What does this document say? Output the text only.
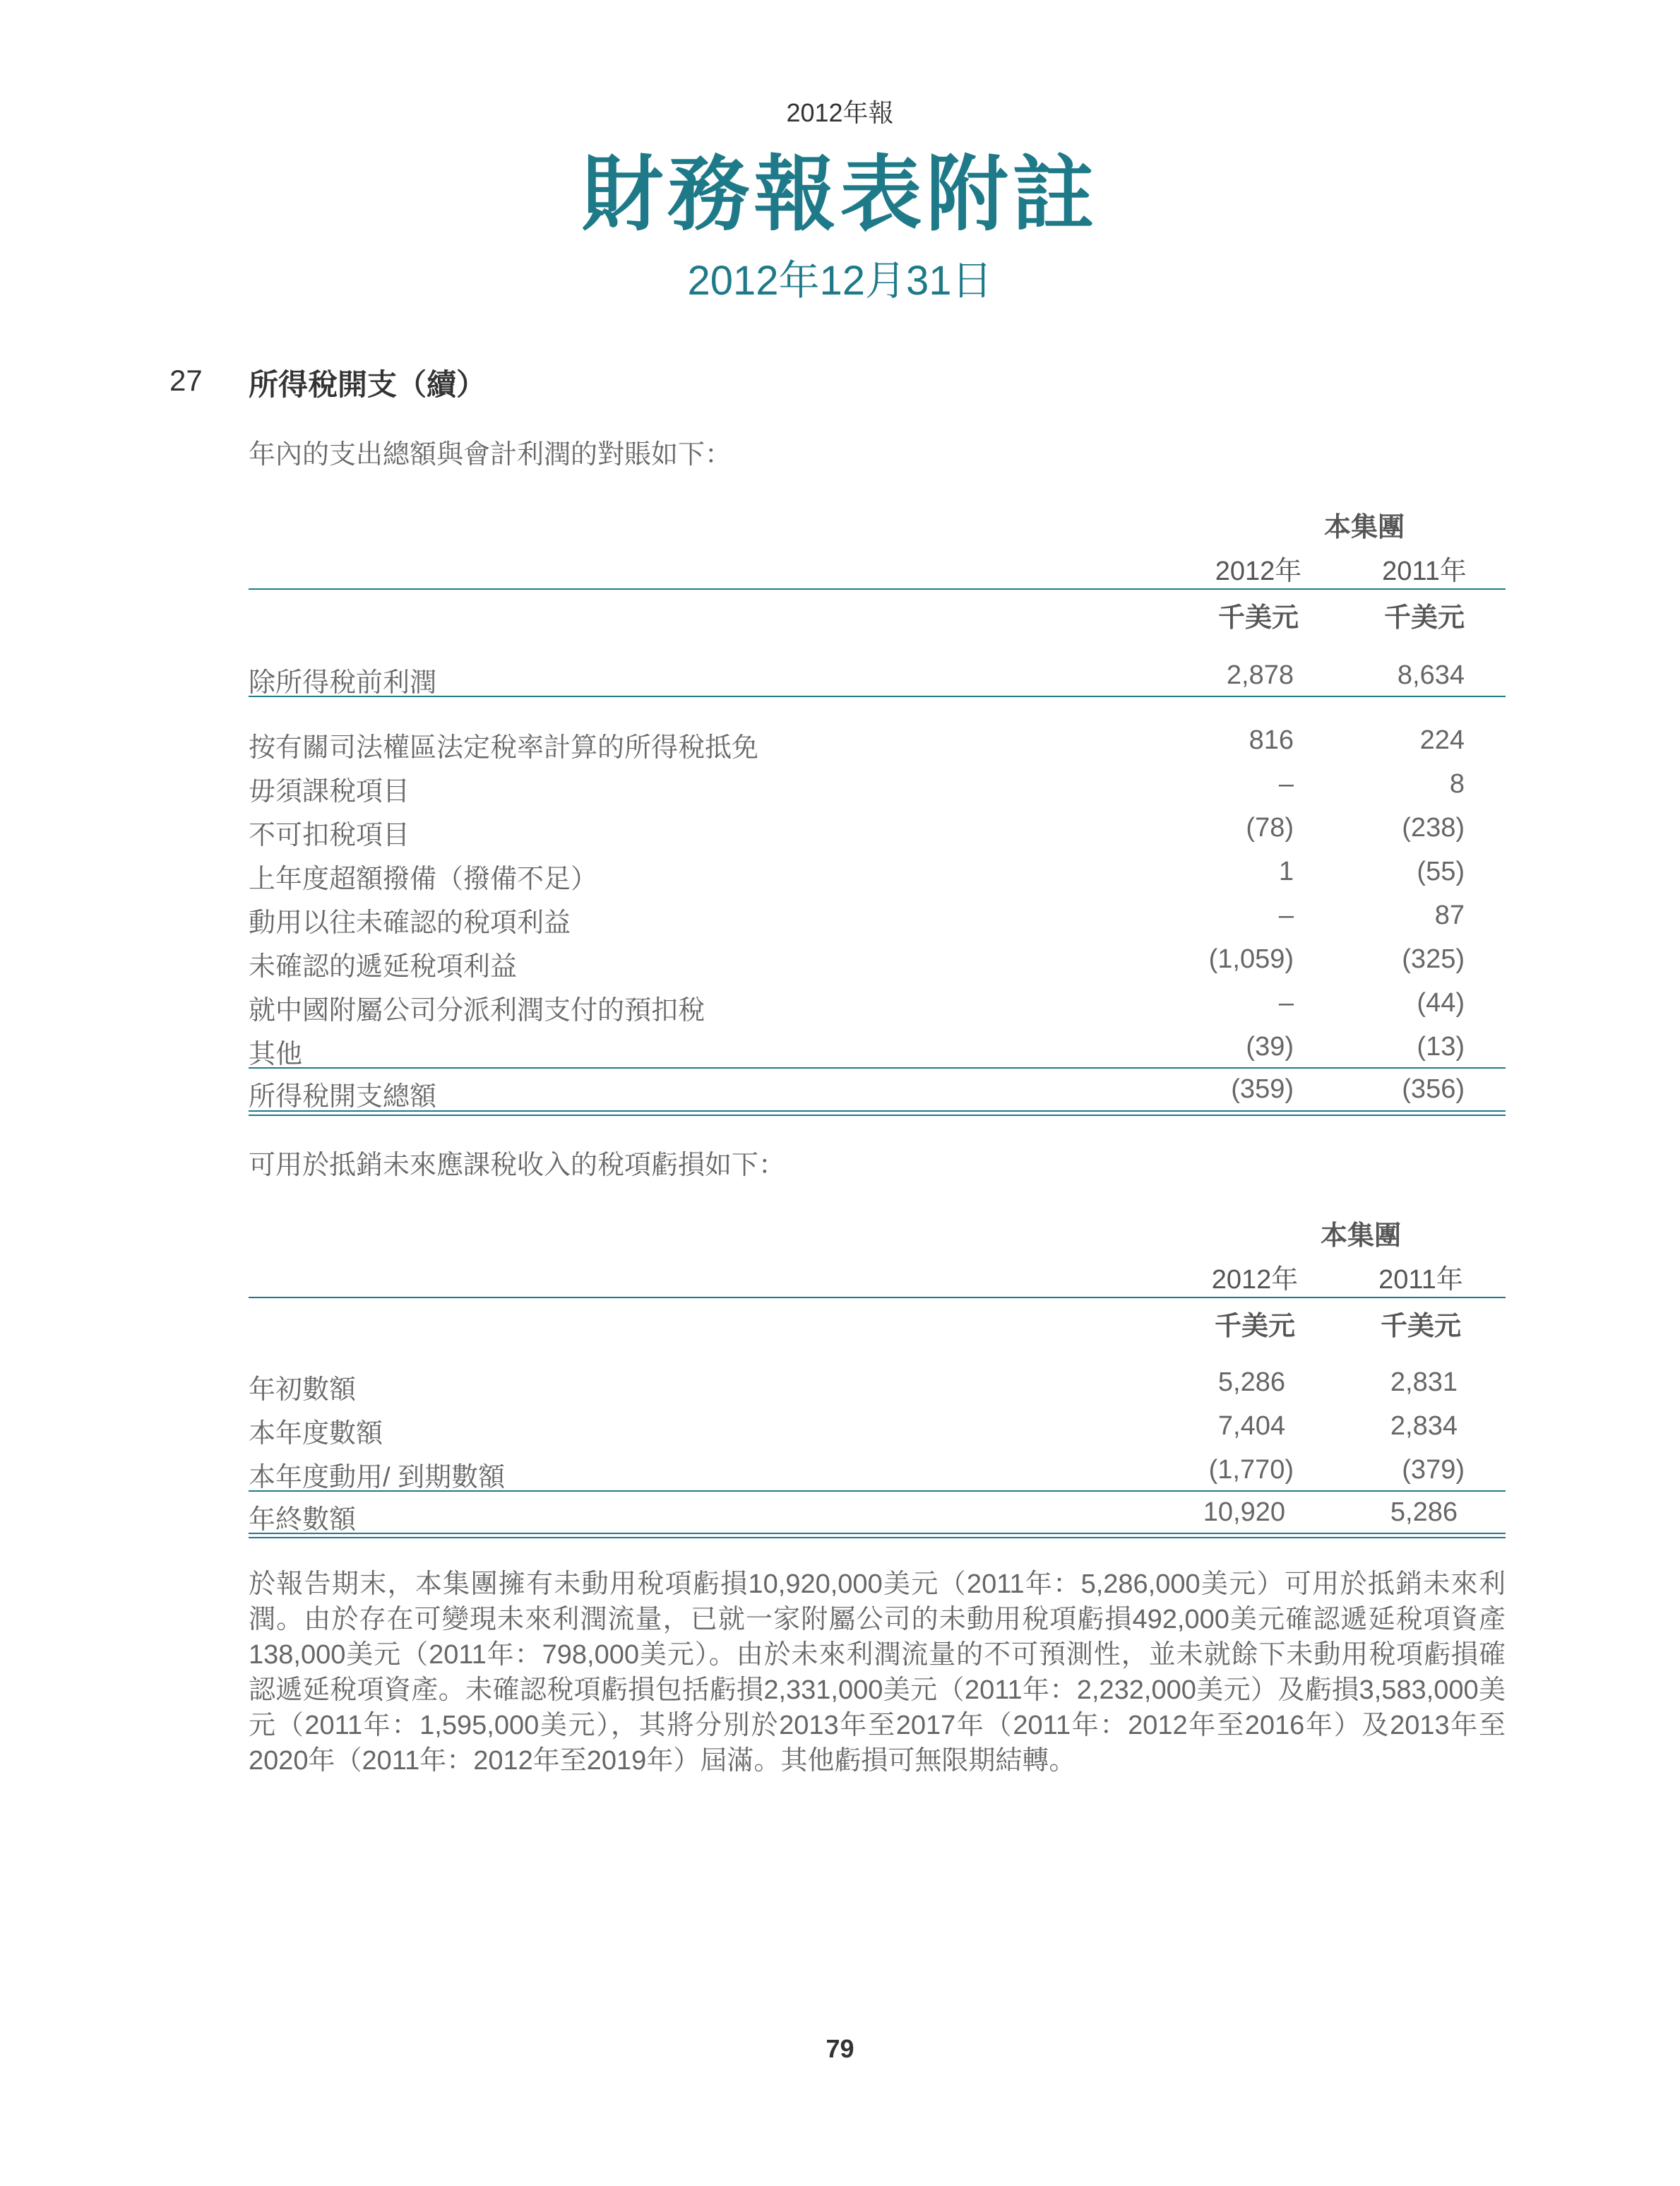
2012年報
財務報表附註
2012年12月31日
27 所得稅開支（續）
年內的支出總額與會計利潤的對賬如下：
本集團
2012年	2011年
千美元	千美元
除所得稅前利潤	2,878	8,634
按有關司法權區法定稅率計算的所得稅抵免	816	224
毋須課稅項目	–	8
不可扣稅項目	(78)	(238)
上年度超額撥備（撥備不足）	1	(55)
動用以往未確認的稅項利益	–	87
未確認的遞延稅項利益	(1,059)	(325)
就中國附屬公司分派利潤支付的預扣稅	–	(44)
其他	(39)	(13)
所得稅開支總額	(359)	(356)
可用於抵銷未來應課稅收入的稅項虧損如下：
本集團
2012年	2011年
千美元	千美元
年初數額	5,286	2,831
本年度數額	7,404	2,834
本年度動用/ 到期數額	(1,770)	(379)
年終數額	10,920	5,286
於報告期末，本集團擁有未動用稅項虧損10,920,000美元（2011年：5,286,000美元）可用於抵銷未來利潤。由於存在可變現未來利潤流量，已就一家附屬公司的未動用稅項虧損492,000美元確認遞延稅項資產138,000美元（2011年：798,000美元）。由於未來利潤流量的不可預測性，並未就餘下未動用稅項虧損確認遞延稅項資產。未確認稅項虧損包括虧損2,331,000美元（2011年：2,232,000美元）及虧損3,583,000美元（2011年：1,595,000美元），其將分別於2013年至2017年（2011年：2012年至2016年）及2013年至2020年（2011年：2012年至2019年）屆滿。其他虧損可無限期結轉。
79
